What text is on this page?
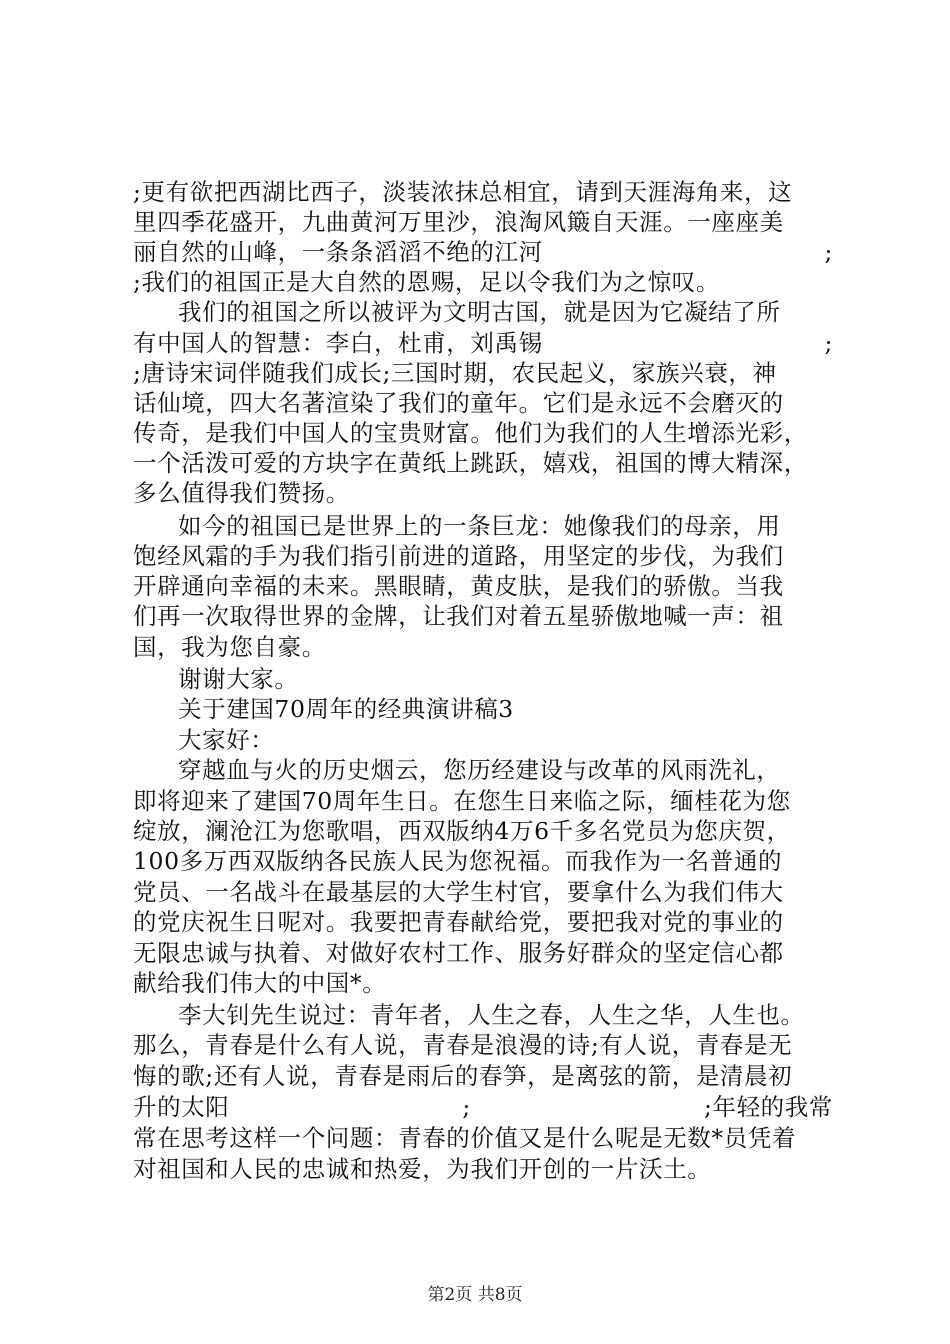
;更有欲把西湖比西子，淡装浓抹总相宜，请到天涯海角来，这
里四季花盛开，九曲黄河万里沙，浪淘风簸自天涯。一座座美
丽自然的山峰，一条条滔滔不绝的江河	;
;我们的祖国正是大自然的恩赐，足以令我们为之惊叹。
我们的祖国之所以被评为文明古国，就是因为它凝结了所
有中国人的智慧：李白，杜甫，刘禹锡	;
;唐诗宋词伴随我们成长;三国时期，农民起义，家族兴衰，神
话仙境，四大名著渲染了我们的童年。它们是永远不会磨灭的
传奇，是我们中国人的宝贵财富。他们为我们的人生增添光彩，
一个活泼可爱的方块字在黄纸上跳跃，嬉戏，祖国的博大精深，
多么值得我们赞扬。
如今的祖国已是世界上的一条巨龙：她像我们的母亲，用
饱经风霜的手为我们指引前进的道路，用坚定的步伐，为我们
开辟通向幸福的未来。黑眼睛，黄皮肤，是我们的骄傲。当我
们再一次取得世界的金牌，让我们对着五星骄傲地喊一声：祖
国，我为您自豪。
谢谢大家。
关于建国70周年的经典演讲稿3
大家好：
穿越血与火的历史烟云，您历经建设与改革的风雨洗礼，
即将迎来了建国70周年生日。在您生日来临之际，缅桂花为您
绽放，澜沧江为您歌唱，西双版纳4万6千多名党员为您庆贺，
100多万西双版纳各民族人民为您祝福。而我作为一名普通的
党员、一名战斗在最基层的大学生村官，要拿什么为我们伟大
的党庆祝生日呢对。我要把青春献给党，要把我对党的事业的
无限忠诚与执着、对做好农村工作、服务好群众的坚定信心都
献给我们伟大的中国*。
李大钊先生说过：青年者，人生之春，人生之华，人生也。
那么，青春是什么有人说，青春是浪漫的诗;有人说，青春是无
悔的歌;还有人说，青春是雨后的春笋，是离弦的箭，是清晨初
升的太阳	;	;年轻的我常
常在思考这样一个问题：青春的价值又是什么呢是无数*员凭着
对祖国和人民的忠诚和热爱，为我们开创的一片沃土。
第2页 共8页
